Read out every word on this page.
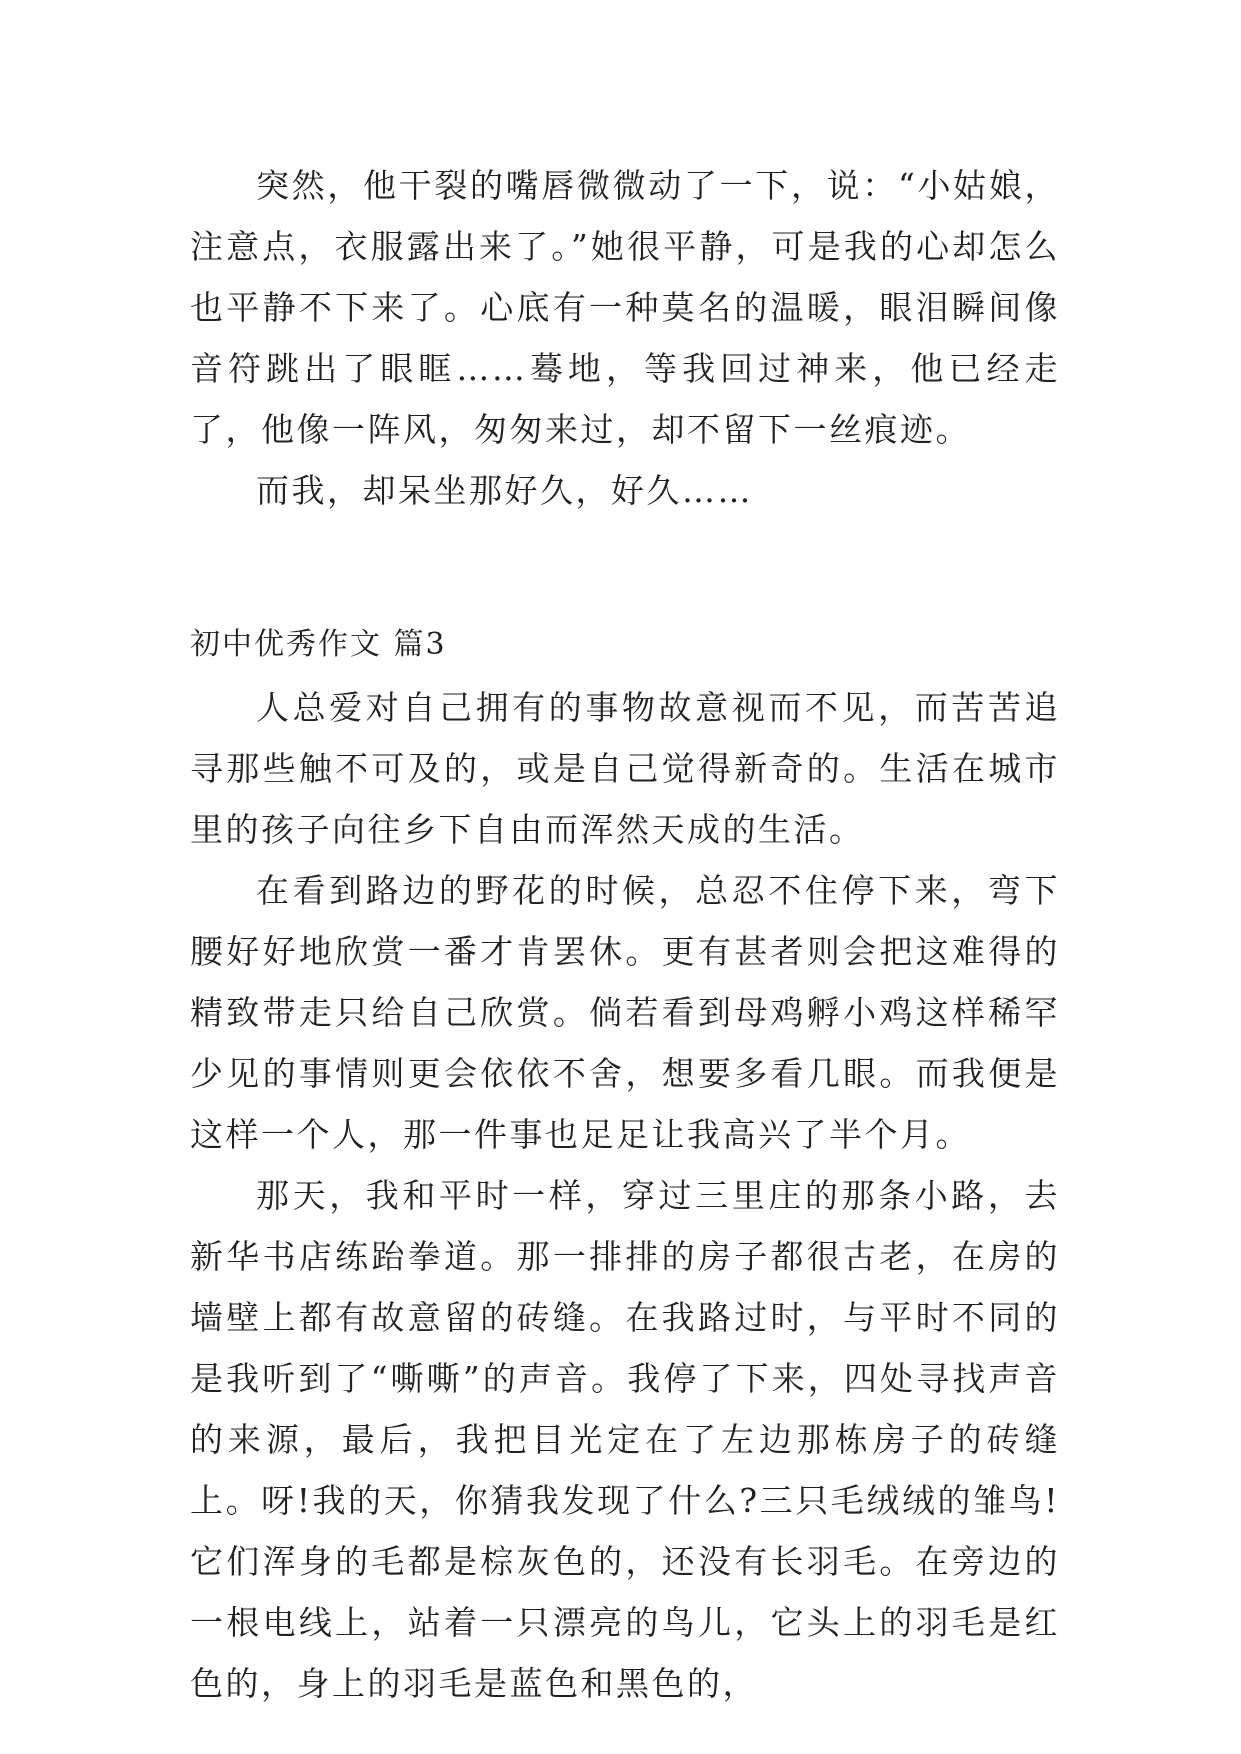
突然，他干裂的嘴唇微微动了一下，说：“小姑娘，注意点，衣服露出来了。”她很平静，可是我的心却怎么也平静不下来了。心底有一种莫名的温暖，眼泪瞬间像音符跳出了眼眶……蓦地，等我回过神来，他已经走了，他像一阵风，匆匆来过，却不留下一丝痕迹。

而我，却呆坐那好久，好久……

初中优秀作文 篇3

人总爱对自己拥有的事物故意视而不见，而苦苦追寻那些触不可及的，或是自己觉得新奇的。生活在城市里的孩子向往乡下自由而浑然天成的生活。

在看到路边的野花的时候，总忍不住停下来，弯下腰好好地欣赏一番才肯罢休。更有甚者则会把这难得的精致带走只给自己欣赏。倘若看到母鸡孵小鸡这样稀罕少见的事情则更会依依不舍，想要多看几眼。而我便是这样一个人，那一件事也足足让我高兴了半个月。

那天，我和平时一样，穿过三里庄的那条小路，去新华书店练跆拳道。那一排排的房子都很古老，在房的墙壁上都有故意留的砖缝。在我路过时，与平时不同的是我听到了“嘶嘶”的声音。我停了下来，四处寻找声音的来源，最后，我把目光定在了左边那栋房子的砖缝上。呀!我的天，你猜我发现了什么?三只毛绒绒的雏鸟!它们浑身的毛都是棕灰色的，还没有长羽毛。在旁边的一根电线上，站着一只漂亮的鸟儿，它头上的羽毛是红色的，身上的羽毛是蓝色和黑色的，
